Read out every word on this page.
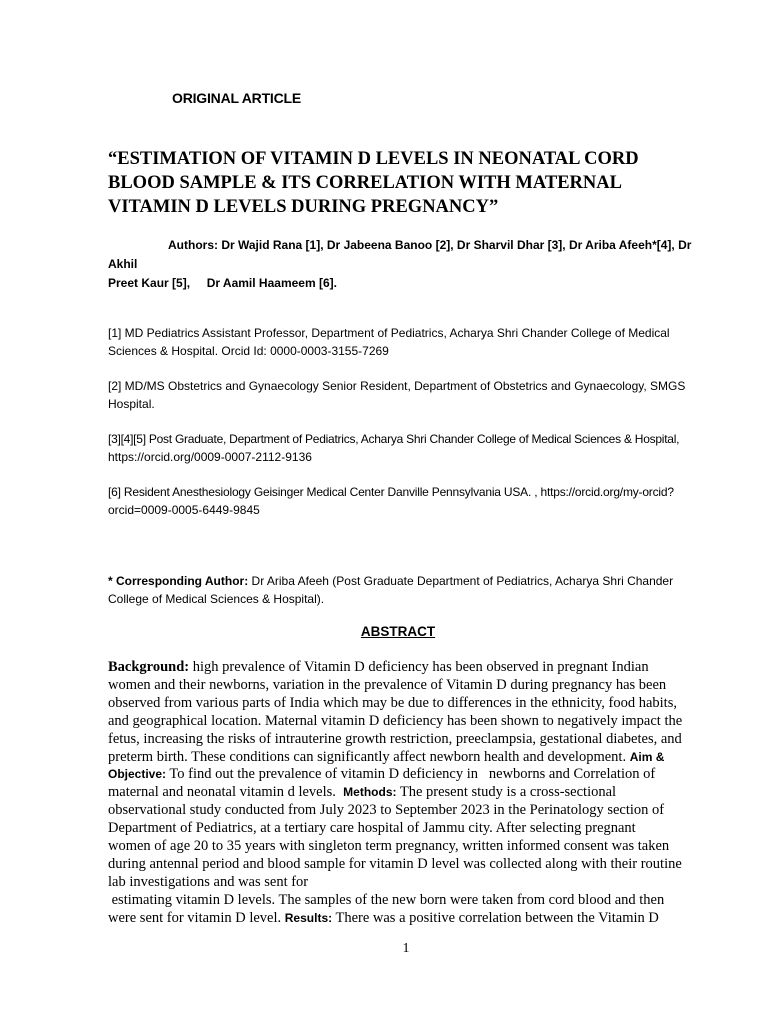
ORIGINAL ARTICLE
“ESTIMATION OF VITAMIN D LEVELS IN NEONATAL CORD
BLOOD SAMPLE & ITS CORRELATION WITH MATERNAL
VITAMIN D LEVELS DURING PREGNANCY”
Authors: Dr Wajid Rana [1], Dr Jabeena Banoo [2], Dr Sharvil Dhar [3], Dr Ariba Afeeh*[4], Dr Akhil
Preet Kaur [5],     Dr Aamil Haameem [6].
[1] MD Pediatrics Assistant Professor, Department of Pediatrics, Acharya Shri Chander College of Medical
Sciences & Hospital. Orcid Id: 0000-0003-3155-7269
[2] MD/MS Obstetrics and Gynaecology Senior Resident, Department of Obstetrics and Gynaecology, SMGS
Hospital.
[3][4][5] Post Graduate, Department of Pediatrics, Acharya Shri Chander College of Medical Sciences & Hospital,
https://orcid.org/0009-0007-2112-9136
[6] Resident Anesthesiology Geisinger Medical Center Danville Pennsylvania USA. , https://orcid.org/my-orcid?
orcid=0009-0005-6449-9845
* Corresponding Author: Dr Ariba Afeeh (Post Graduate Department of Pediatrics, Acharya Shri Chander
College of Medical Sciences & Hospital).
ABSTRACT

Background: high prevalence of Vitamin D deficiency has been observed in pregnant Indian

women and their newborns, variation in the prevalence of Vitamin D during pregnancy has been

observed from various parts of India which may be due to differences in the ethnicity, food habits,

and geographical location. Maternal vitamin D deficiency has been shown to negatively impact the

fetus, increasing the risks of intrauterine growth restriction, preeclampsia, gestational diabetes, and

preterm birth. These conditions can significantly affect newborn health and development. Aim &

Objective: To find out the prevalence of vitamin D deficiency in   newborns and Correlation of

maternal and neonatal vitamin d levels.  Methods: The present study is a cross-sectional

observational study conducted from July 2023 to September 2023 in the Perinatology section of

Department of Pediatrics, at a tertiary care hospital of Jammu city. After selecting pregnant

women of age 20 to 35 years with singleton term pregnancy, written informed consent was taken

during antennal period and blood sample for vitamin D level was collected along with their routine

lab investigations and was sent for

estimating vitamin D levels. The samples of the new born were taken from cord blood and then

were sent for vitamin D level. Results: There was a positive correlation between the Vitamin D

1
